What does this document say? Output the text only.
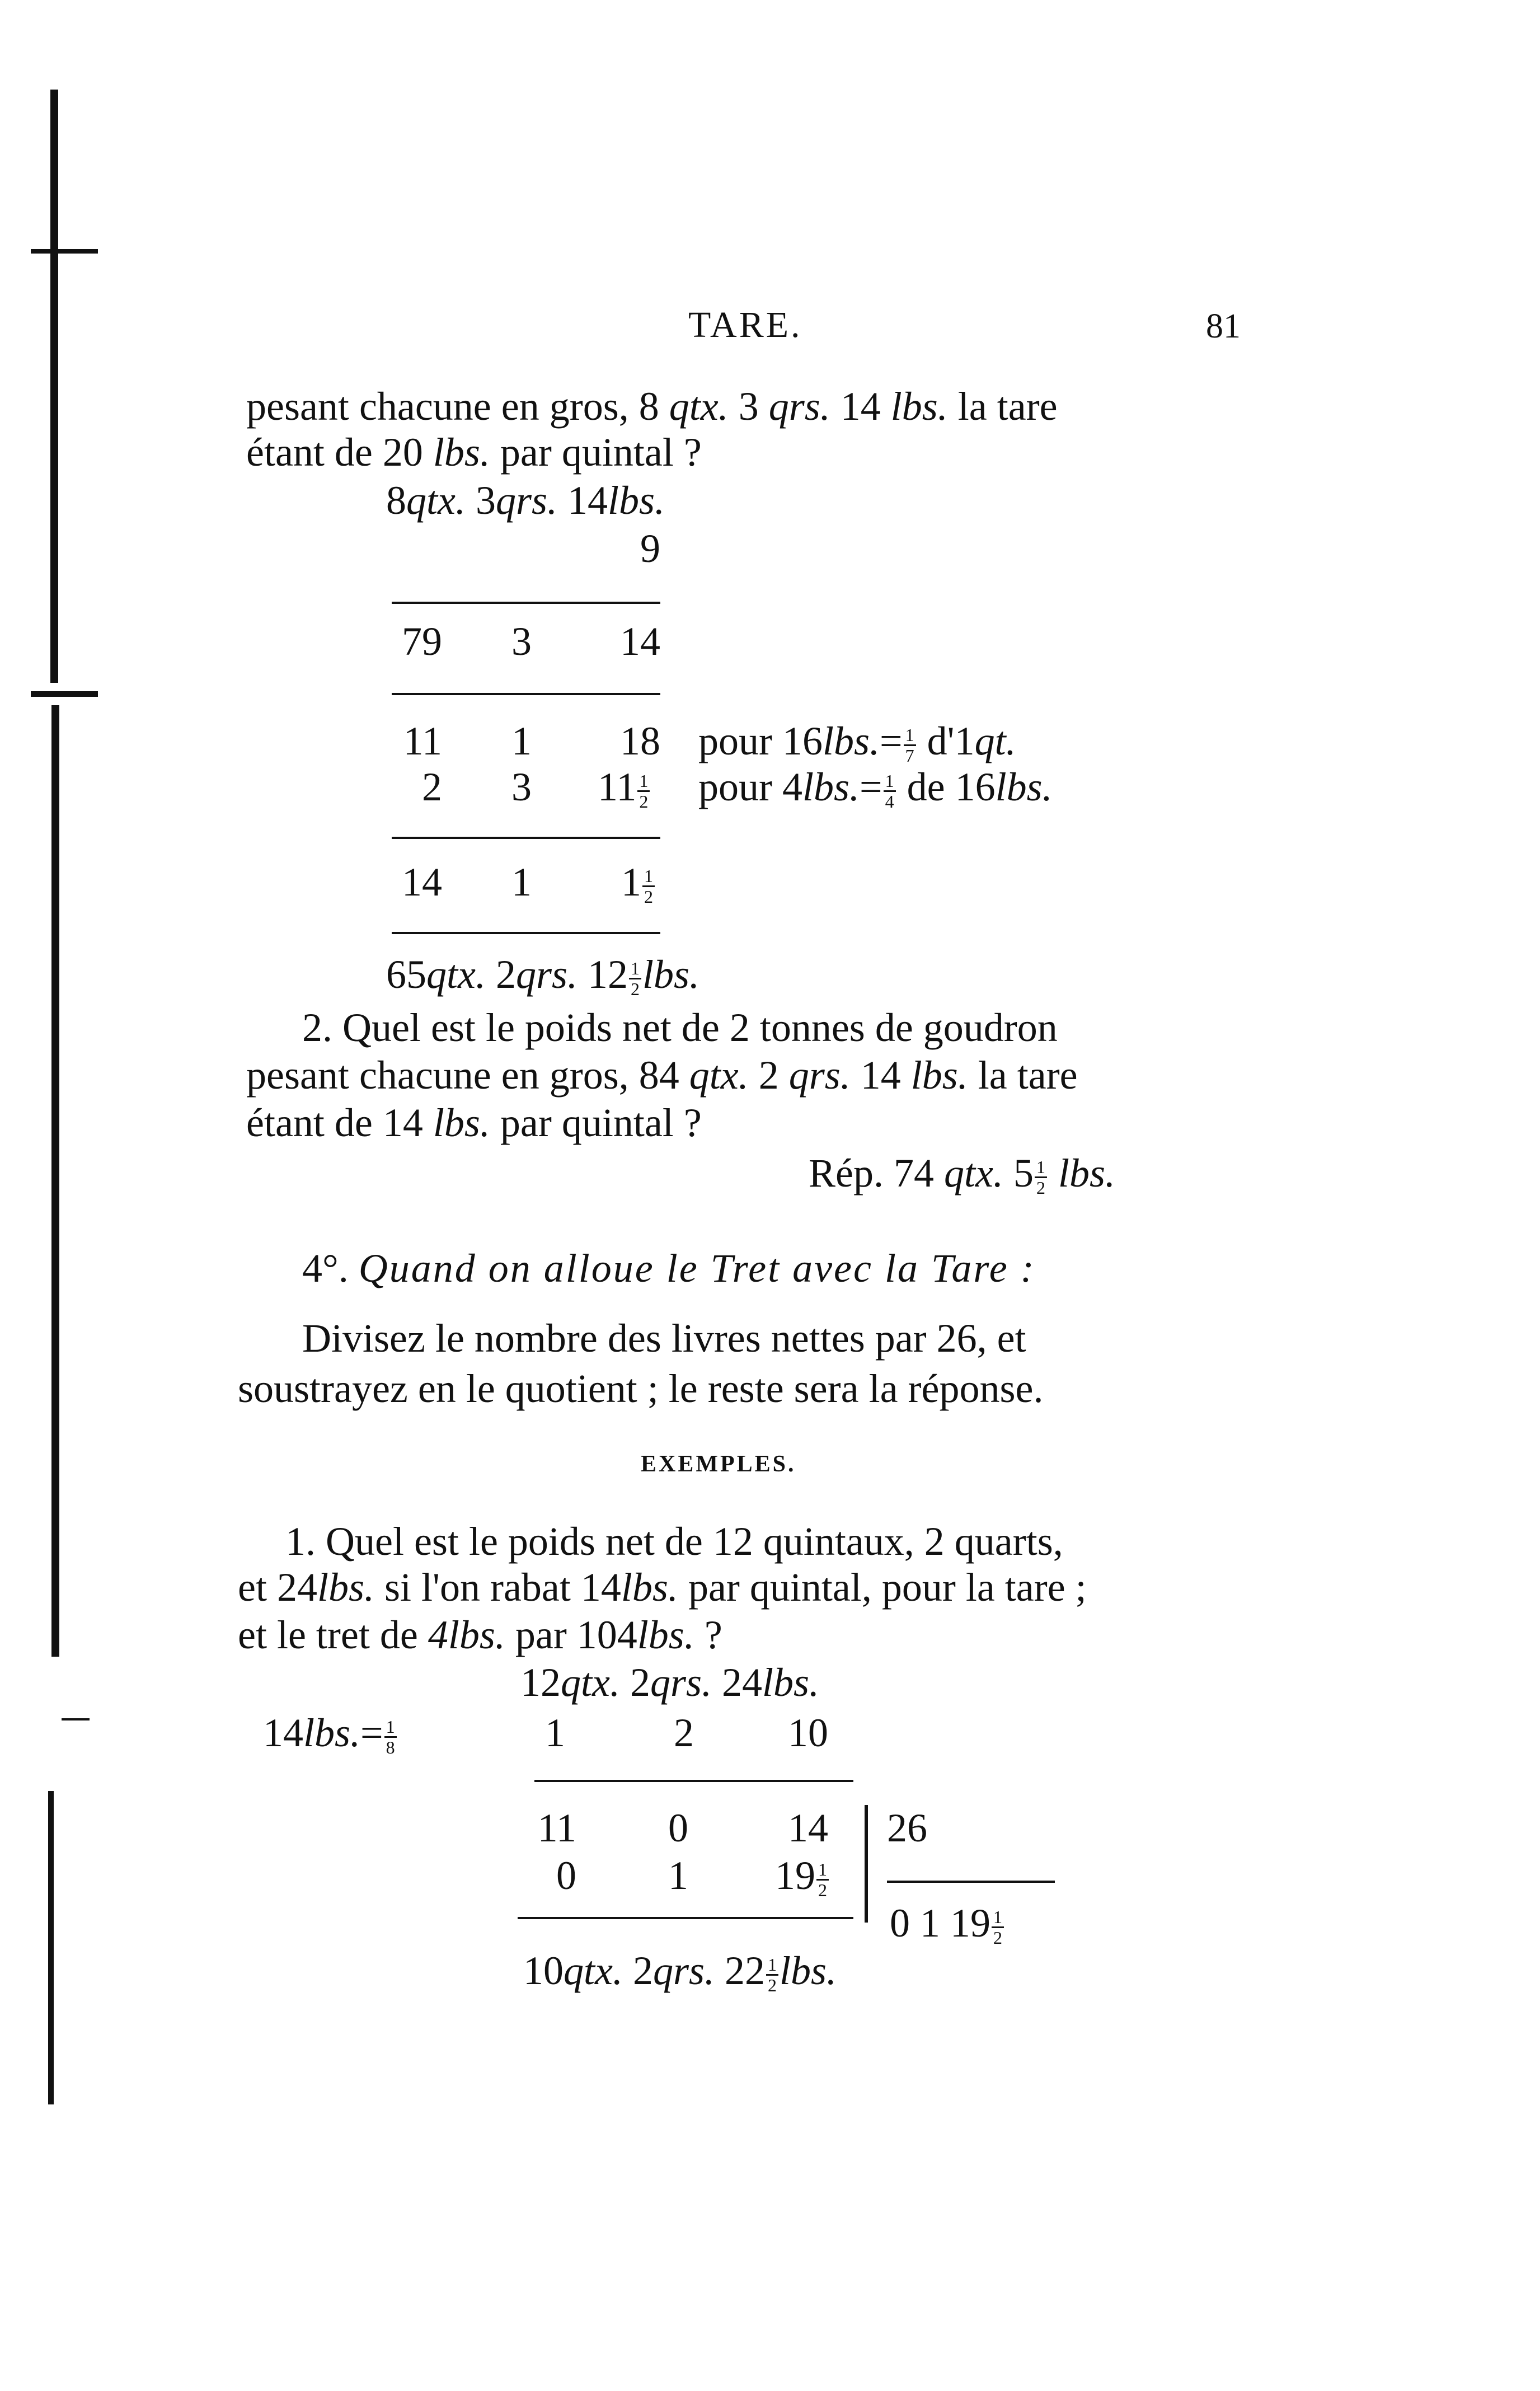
TARE.	81
pesant chacune en gros, 8 qtx. 3 qrs. 14 lbs. la tare
étant de 20 lbs. par quintal ?
8qtx. 3qrs. 14lbs.
9
79	3	14
11	1	18 pour $16lbs.= \frac{1}{7} d'1qt$.
2	3 $11 \frac{1}{2}$ pour $4lbs.= \frac{1}{4}$ de 16lbs.
14	1 $1 \frac{1}{2}$
65qtx. 2qrs. $12 \frac{1}{2}$ lbs.
2. Quel est le poids net de 2 tonnes de goudron
pesant chacune en gros, 84 qtx. 2 qrs. 14 lbs. la tare
étant de 14 lbs. par quintal ?
Rép. 74 qtx. $5 \frac{1}{2}$ lbs.
4°. Quand on alloue le Tret avec la Tare :
Divisez le nombre des livres nettes par 26, et
soustrayez en le quotient ; le reste sera la réponse.
EXEMPLES.
1. Quel est le poids net de 12 quintaux, 2 quarts,
et 24lbs. si l'on rabat 14lbs. par quintal, pour la tare ;
et le tret de 4lbs. par 104lbs. ?
12qtx. 2qrs. 24lbs.
$14lbs.= \frac{1}{8}$	1	2	10
11	0	14
0	1 $19 \frac{1}{2}$
26
0 1 $19 \frac{1}{2}$
10qtx. 2qrs. $22 \frac{1}{2}$ lbs.
